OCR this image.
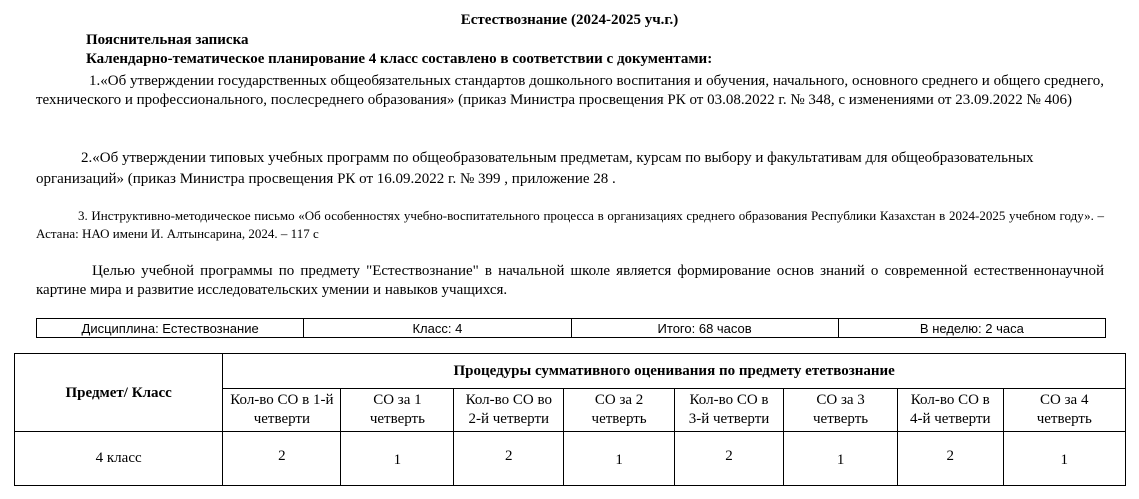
Естествознание (2024-2025 уч.г.)
Пояснительная записка
Календарно-тематическое планирование 4 класс составлено в соответствии с документами:

1.«Об утверждении государственных общеобязательных стандартов дошкольного воспитания и обучения, начального, основного среднего и общего среднего, технического и профессионального, послесреднего образования» (приказ Министра просвещения РК от 03.08.2022 г. № 348, с изменениями от 23.09.2022 № 406)

2.«Об утверждении типовых учебных программ по общеобразовательным предметам, курсам по выбору и факультативам для общеобразовательных организаций» (приказ Министра просвещения РК от 16.09.2022 г. № 399 , приложение 28 .

3. Инструктивно-методическое письмо «Об особенностях учебно-воспитательного процесса в организациях среднего образования Республики Казахстан в 2024-2025 учебном году». – Астана: НАО имени И. Алтынсарина, 2024. – 117 с

Целью учебной программы по предмету "Естествознание" в начальной школе является формирование основ знаний о современной естественнонаучной картине мира и развитие исследовательских умении и навыков учащихся.

Дисциплина: Естествознание	Класс: 4	Итого: 68 часов	В неделю: 2 часа
Предмет/ Класс	Процедуры суммативного оценивания по предмету ететвознание							
	Кол-во СО в 1-й четверти	СО за 1 четверть	Кол-во СО во 2-й четверти	СО за 2 четверть	Кол-во СО в 3-й четверти	СО за 3 четверть	Кол-во СО в 4-й четверти	СО за 4 четверть
4 класс	2	1	2	1	2	1	2	1
